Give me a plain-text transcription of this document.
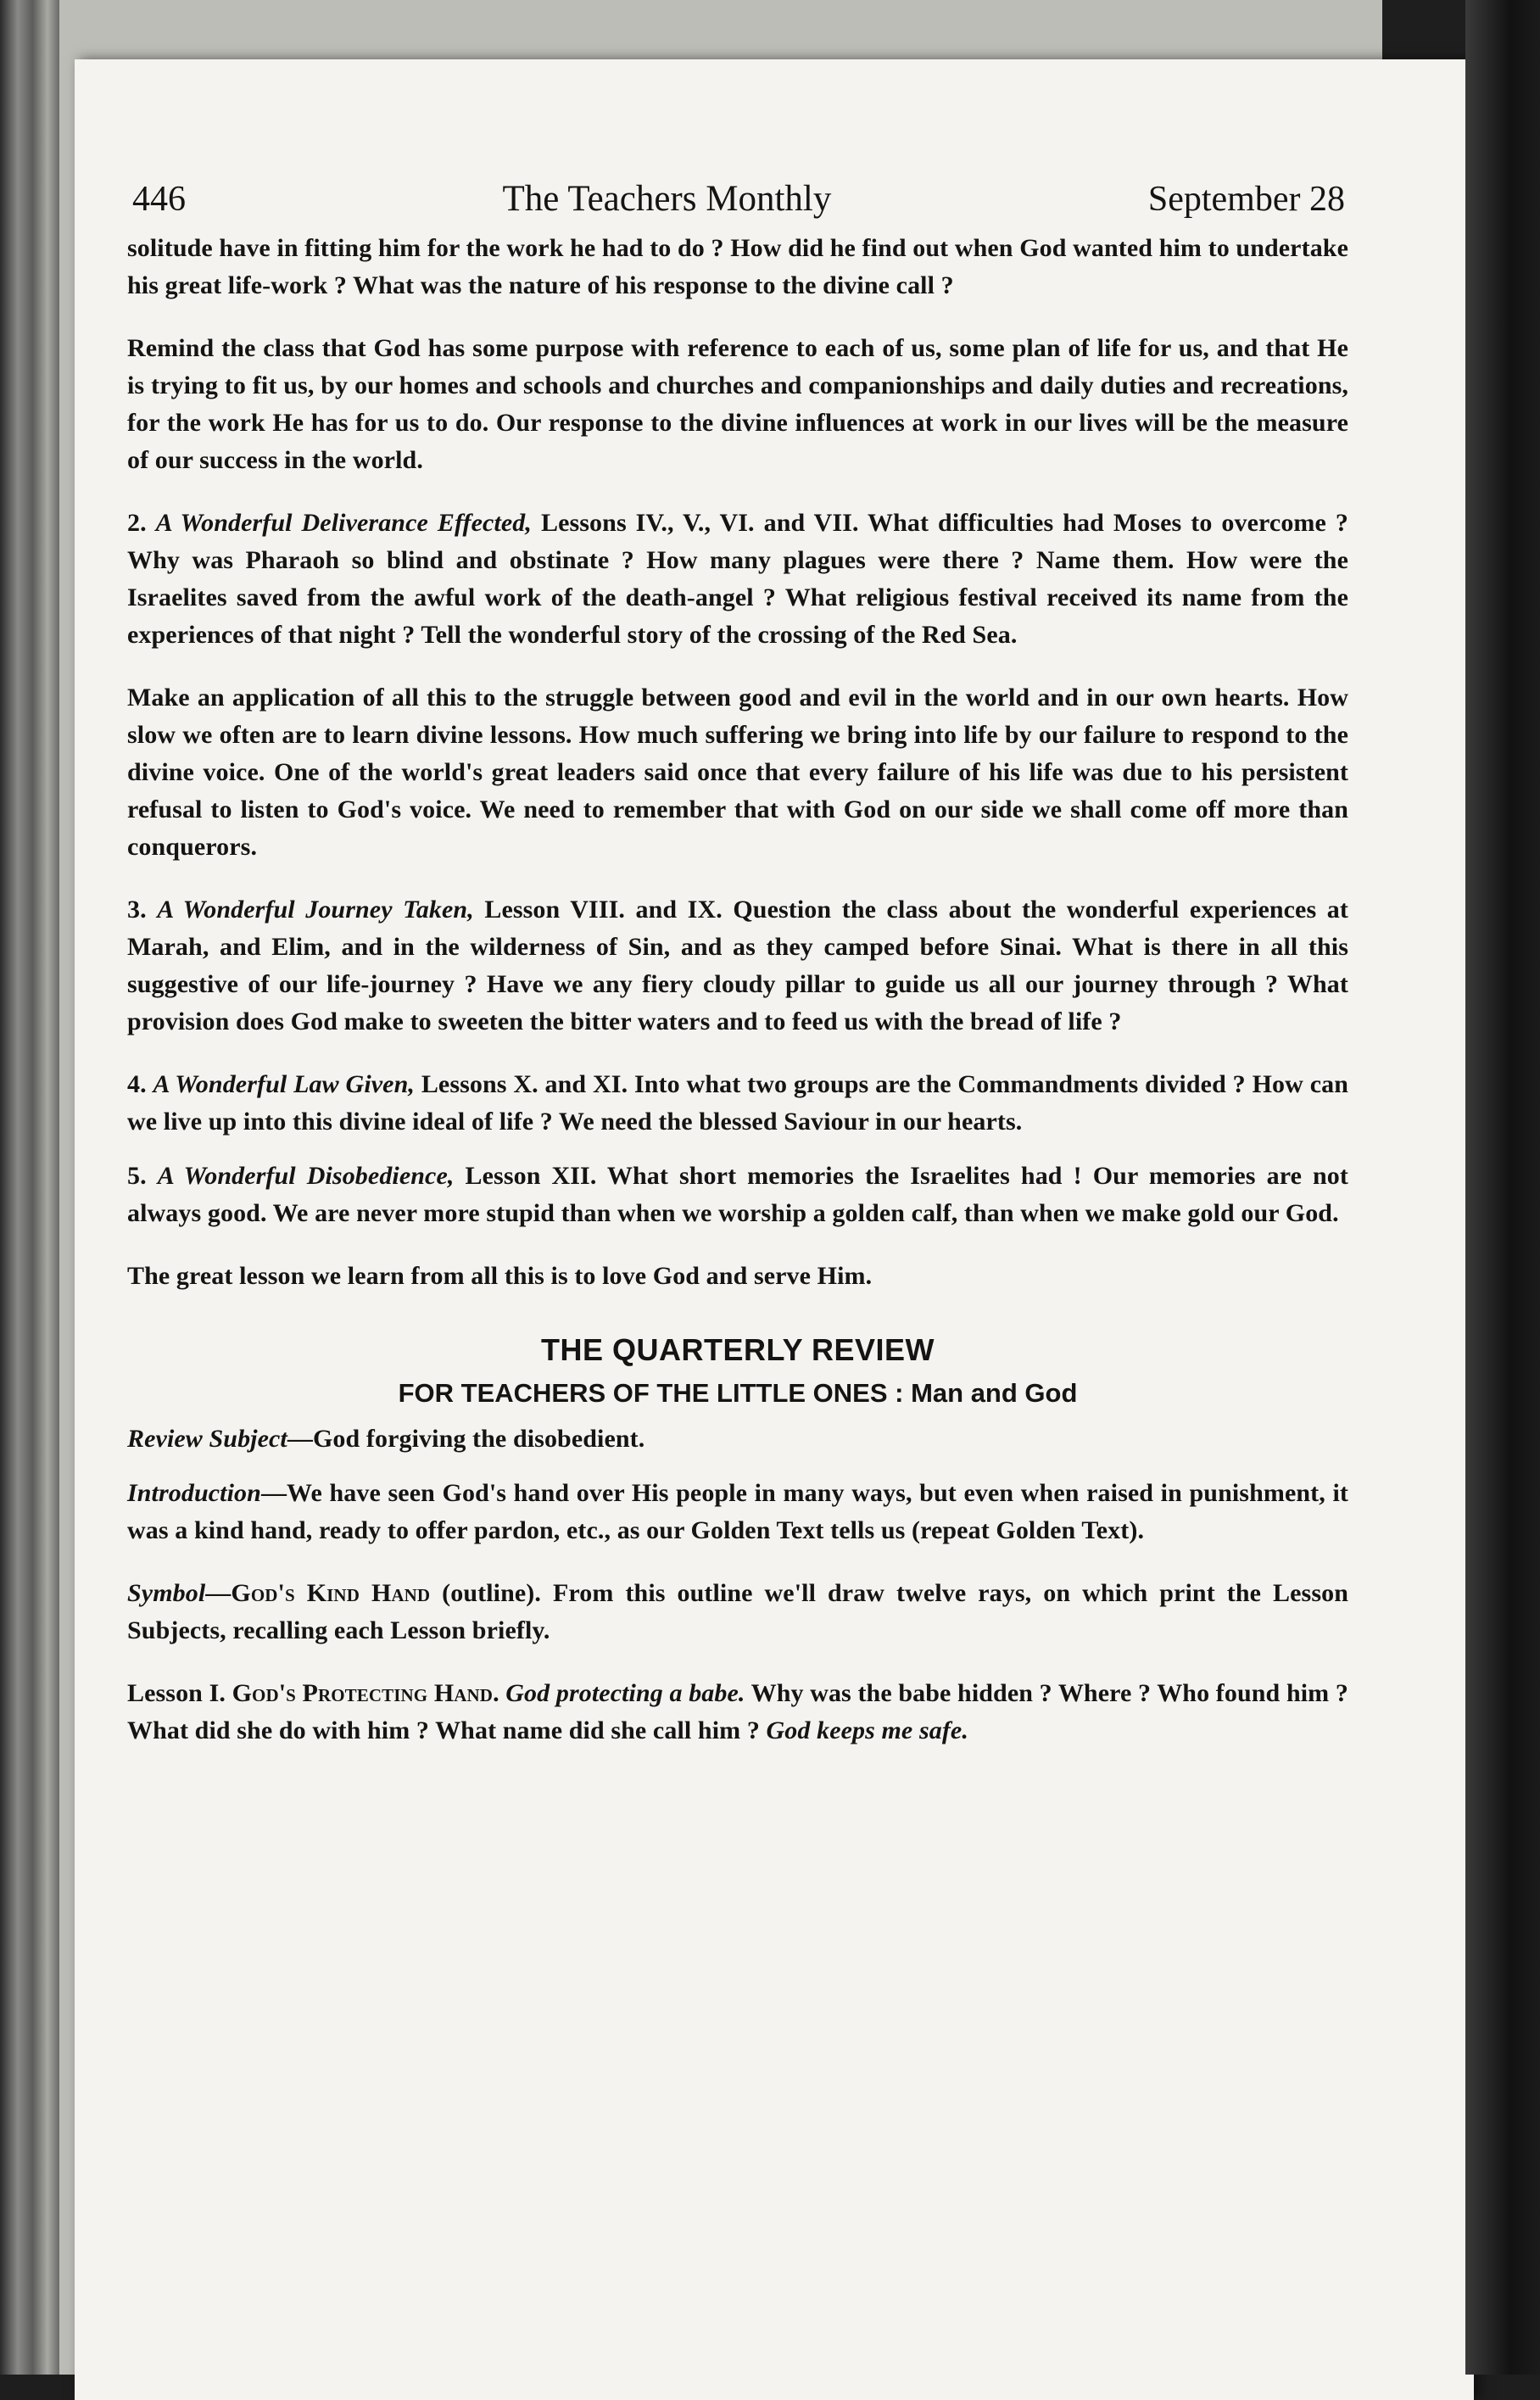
446	The Teachers Monthly	September 28

solitude have in fitting him for the work he had to do ? How did he find out when God wanted him to undertake his great life-work ? What was the nature of his response to the divine call ?

Remind the class that God has some purpose with reference to each of us, some plan of life for us, and that He is trying to fit us, by our homes and schools and churches and companionships and daily duties and recreations, for the work He has for us to do. Our response to the divine influences at work in our lives will be the measure of our success in the world.

2. A Wonderful Deliverance Effected, Lessons IV., V., VI. and VII. What difficulties had Moses to overcome ? Why was Pharaoh so blind and obstinate ? How many plagues were there ? Name them. How were the Israelites saved from the awful work of the death-angel ? What religious festival received its name from the experiences of that night ? Tell the wonderful story of the crossing of the Red Sea.

Make an application of all this to the struggle between good and evil in the world and in our own hearts. How slow we often are to learn divine lessons. How much suffering we bring into life by our failure to respond to the divine voice. One of the world's great leaders said once that every failure of his life was due to his persistent refusal to listen to God's voice. We need to remember that with God on our side we shall come off more than conquerors.

3. A Wonderful Journey Taken, Lesson VIII. and IX. Question the class about the wonderful experiences at Marah, and Elim, and in the wilderness of Sin, and as they camped before Sinai. What is there in all this suggestive of our life-journey ? Have we any fiery cloudy pillar to guide us all our journey through ? What provision does God make to sweeten the bitter waters and to feed us with the bread of life ?

4. A Wonderful Law Given, Lessons X. and XI. Into what two groups are the Commandments divided ? How can we live up into this divine ideal of life ? We need the blessed Saviour in our hearts.

5. A Wonderful Disobedience, Lesson XII. What short memories the Israelites had ! Our memories are not always good. We are never more stupid than when we worship a golden calf, than when we make gold our God.

The great lesson we learn from all this is to love God and serve Him.

THE QUARTERLY REVIEW
FOR TEACHERS OF THE LITTLE ONES : Man and God

Review Subject—God forgiving the disobedient.

Introduction—We have seen God's hand over His people in many ways, but even when raised in punishment, it was a kind hand, ready to offer pardon, etc., as our Golden Text tells us (repeat Golden Text).

Symbol—God's Kind Hand (outline). From this outline we'll draw twelve rays, on which print the Lesson Subjects, recalling each Lesson briefly.

Lesson I. God's Protecting Hand. God protecting a babe. Why was the babe hidden ? Where ? Who found him ? What did she do with him ? What name did she call him ? God keeps me safe.
